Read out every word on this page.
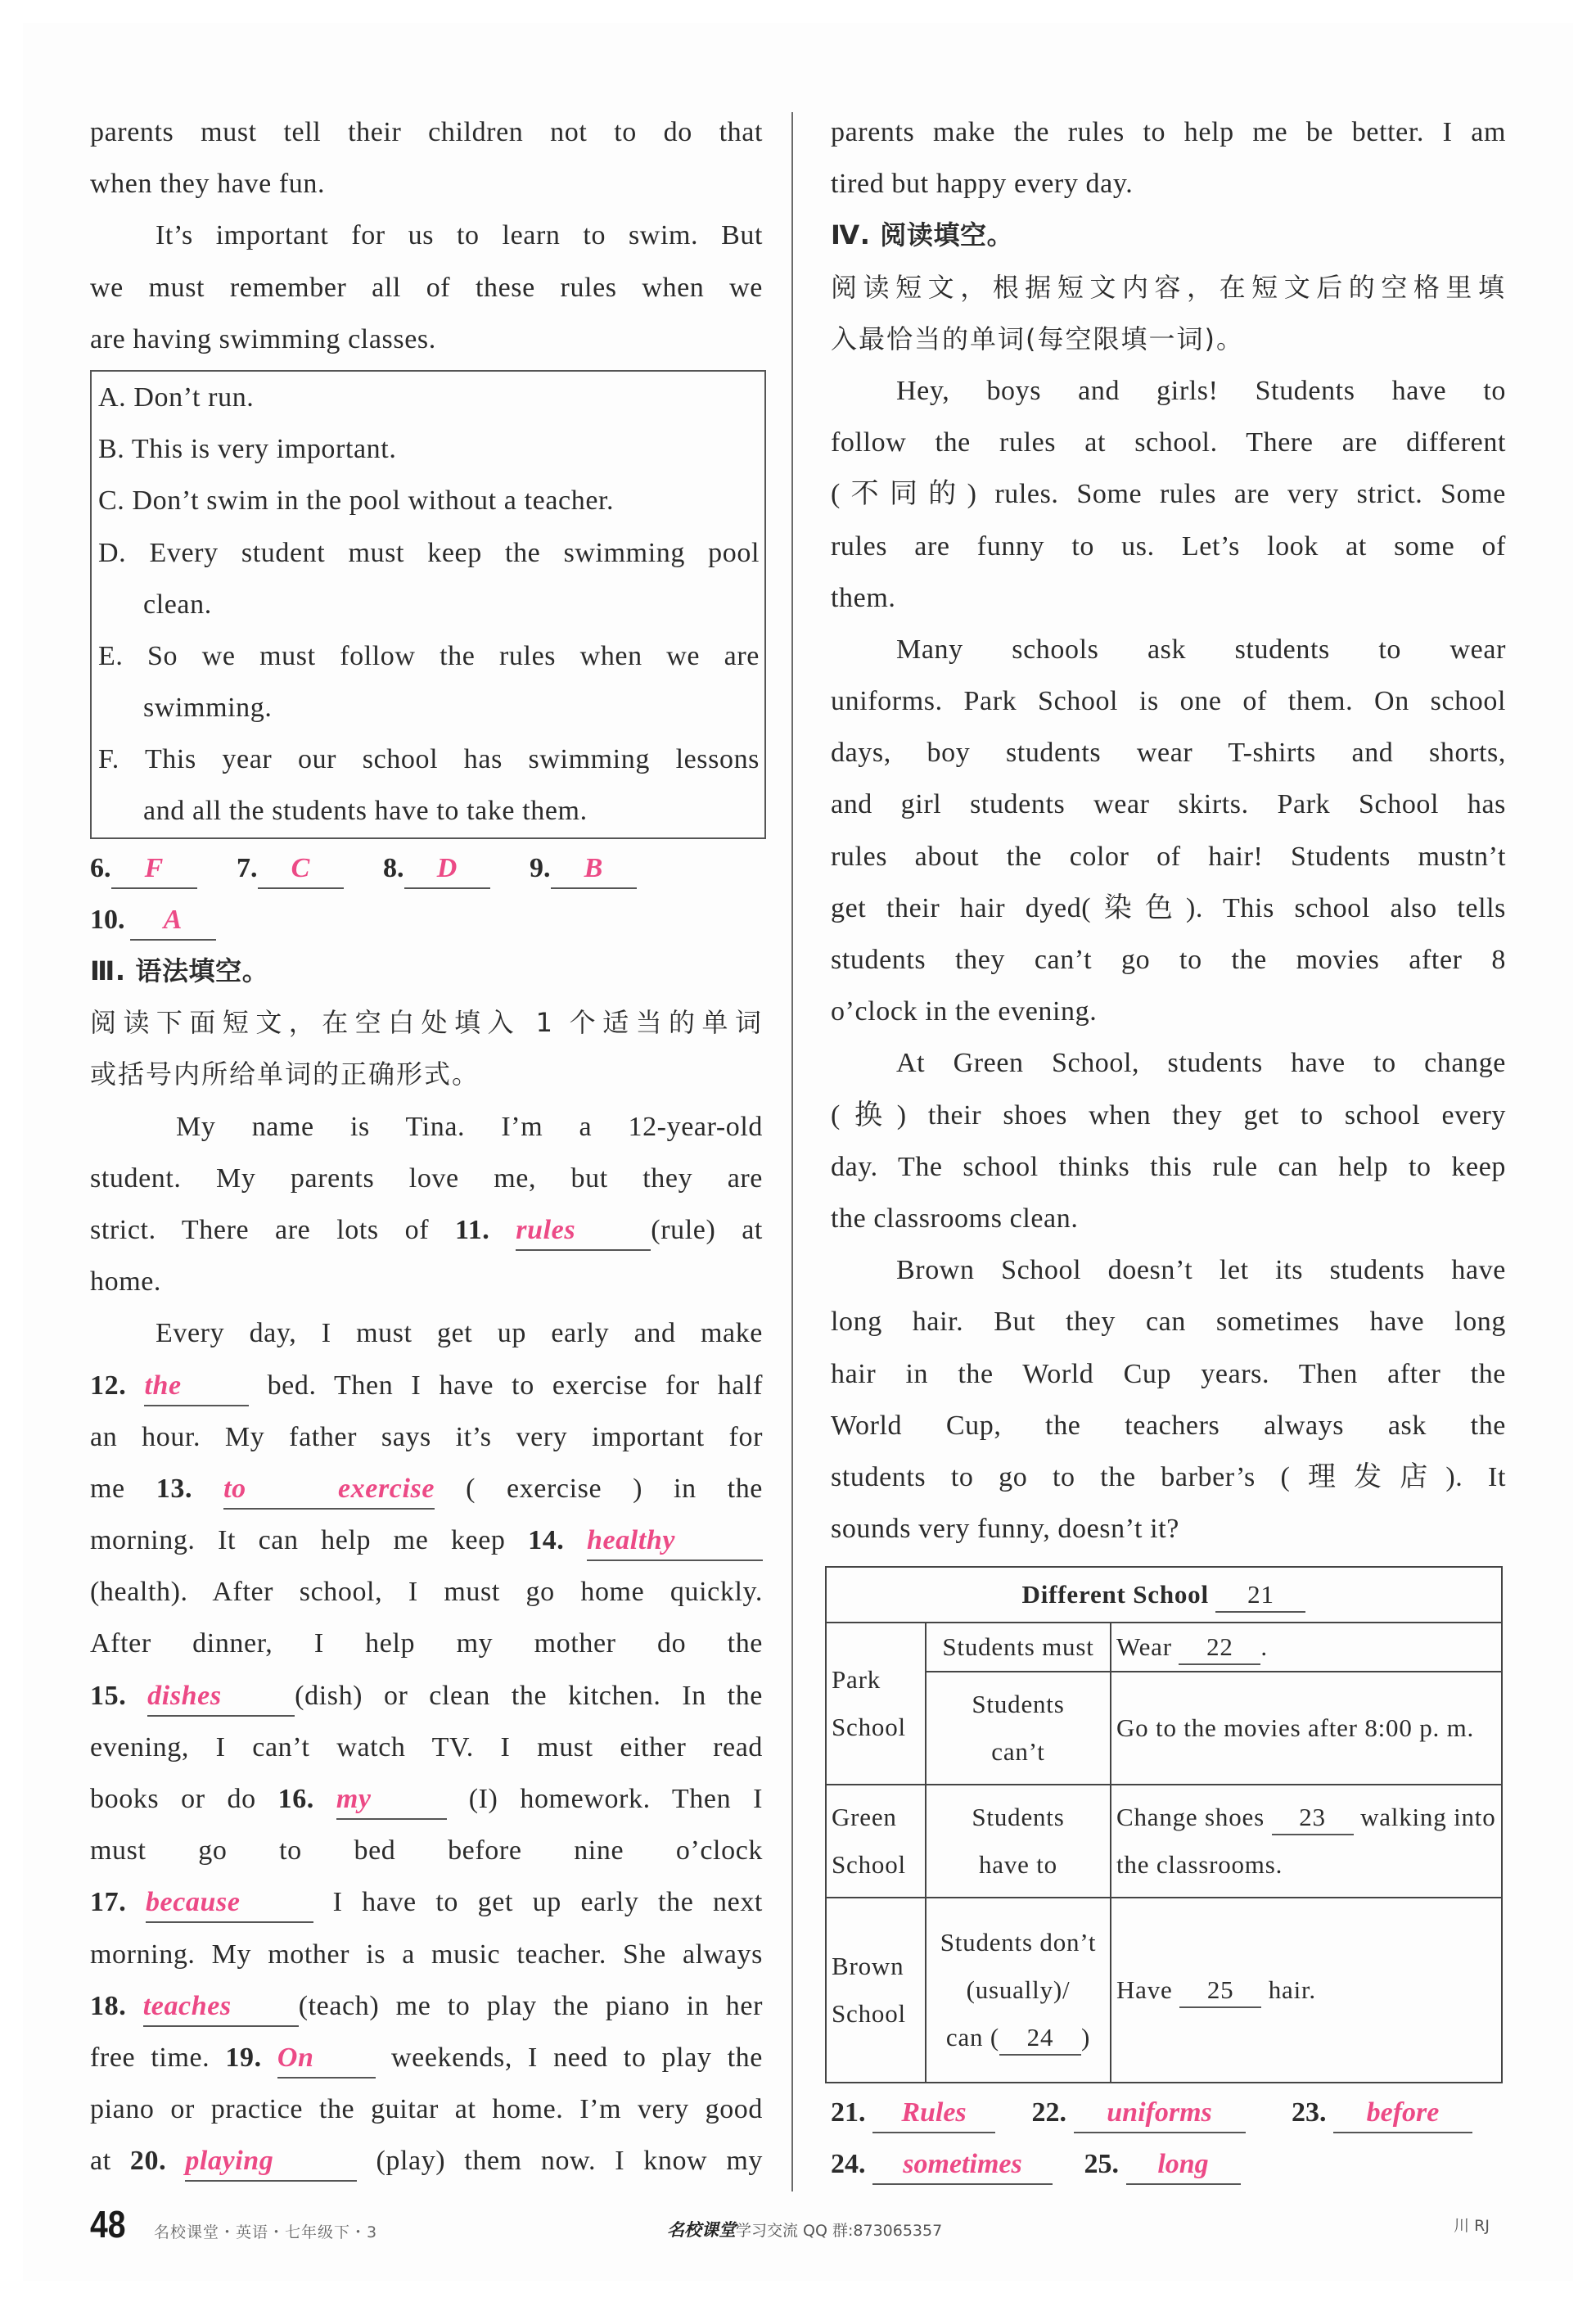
parents must tell their children not to do that
when they have fun.
It’s important for us to learn to swim. But
we must remember all of these rules when we
are having swimming classes.
A. Don’t run.
B. This is very important.
C. Don’t swim in the pool without a teacher.
D. Every student must keep the swimming pool
clean.
E. So we must follow the rules when we are
swimming.
F. This year our school has swimming lessons
and all the students have to take them.
6. F	7. C	8. D	9. B
10. A
Ⅲ. 语法填空。
阅读下面短文，在空白处填入 1 个适当的单词
或括号内所给单词的正确形式。
My name is Tina. I’m a 12-year-old
student. My parents love me, but they are
strict. There are lots of 11. rules	(rule) at
home.
Every day, I must get up early and make
12. the	bed. Then I have to exercise for half
an hour. My father says it’s very important for
me 13. to exercise ( exercise ) in the
morning. It can help me keep 14. healthy
(health). After school, I must go home quickly.
After dinner, I help my mother do the
15. dishes	(dish) or clean the kitchen. In the
evening, I can’t watch TV. I must either read
books or do 16. my	(I) homework. Then I
must go to bed before nine o’clock
17. because	I have to get up early the next
morning. My mother is a music teacher. She always
18. teaches (teach) me to play the piano in her
free time. 19. On	weekends, I need to play the
piano or practice the guitar at home. I’m very good
at 20. playing	(play) them now. I know my
parents make the rules to help me be better. I am
tired but happy every day.
Ⅳ. 阅读填空。
阅读短文，根据短文内容，在短文后的空格里填
入最恰当的单词(每空限填一词)。
Hey, boys and girls! Students have to
follow the rules at school. There are different
(不同的) rules. Some rules are very strict. Some
rules are funny to us. Let’s look at some of
them.
Many schools ask students to wear
uniforms. Park School is one of them. On school
days, boy students wear T-shirts and shorts,
and girl students wear skirts. Park School has
rules about the color of hair! Students mustn’t
get their hair dyed(染色). This school also tells
students they can’t go to the movies after 8
o’clock in the evening.
At Green School, students have to change
(换) their shoes when they get to school every
day. The school thinks this rule can help to keep
the classrooms clean.
Brown School doesn’t let its students have
long hair. But they can sometimes have long
hair in the World Cup years. Then after the
World Cup, the teachers always ask the
students to go to the barber’s (理发店). It
sounds very funny, doesn’t it?
Different School 21		
Park School	Students must	Wear 22 .
	Students can’t	Go to the movies after 8:00 p. m.
Green School	Students have to	Change shoes 23 walking into the classrooms.
Brown School	Students don’t
(usually)/
can ( 24 )	Have 25 hair.
21. Rules 22. uniforms	23. before
24. sometimes 25. long
48 名校课堂・英语・七年级下・3	名校课堂学习交流 QQ 群:873065357	川 RJ
